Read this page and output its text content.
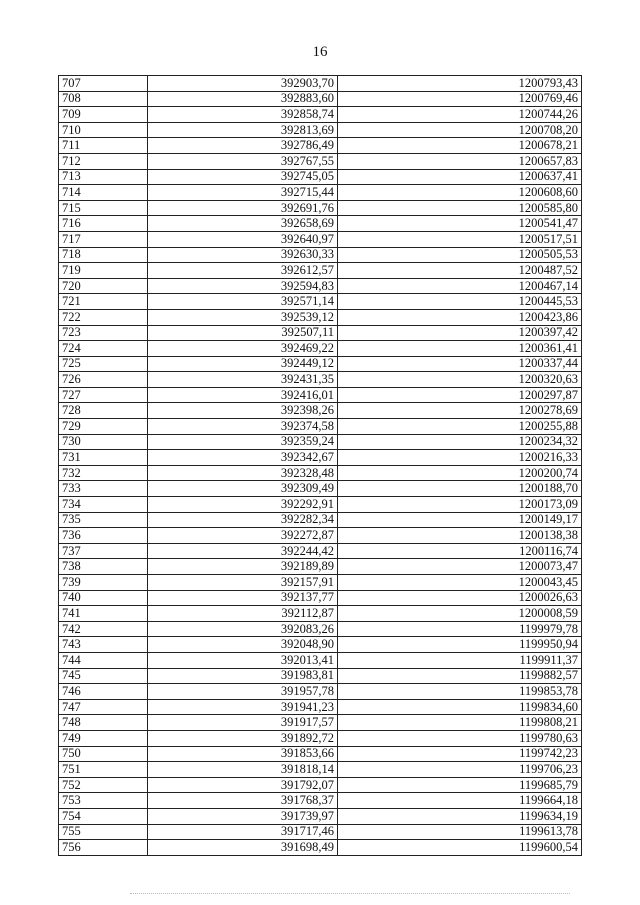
16
707	392903,70	1200793,43
708	392883,60	1200769,46
709	392858,74	1200744,26
710	392813,69	1200708,20
711	392786,49	1200678,21
712	392767,55	1200657,83
713	392745,05	1200637,41
714	392715,44	1200608,60
715	392691,76	1200585,80
716	392658,69	1200541,47
717	392640,97	1200517,51
718	392630,33	1200505,53
719	392612,57	1200487,52
720	392594,83	1200467,14
721	392571,14	1200445,53
722	392539,12	1200423,86
723	392507,11	1200397,42
724	392469,22	1200361,41
725	392449,12	1200337,44
726	392431,35	1200320,63
727	392416,01	1200297,87
728	392398,26	1200278,69
729	392374,58	1200255,88
730	392359,24	1200234,32
731	392342,67	1200216,33
732	392328,48	1200200,74
733	392309,49	1200188,70
734	392292,91	1200173,09
735	392282,34	1200149,17
736	392272,87	1200138,38
737	392244,42	1200116,74
738	392189,89	1200073,47
739	392157,91	1200043,45
740	392137,77	1200026,63
741	392112,87	1200008,59
742	392083,26	1199979,78
743	392048,90	1199950,94
744	392013,41	1199911,37
745	391983,81	1199882,57
746	391957,78	1199853,78
747	391941,23	1199834,60
748	391917,57	1199808,21
749	391892,72	1199780,63
750	391853,66	1199742,23
751	391818,14	1199706,23
752	391792,07	1199685,79
753	391768,37	1199664,18
754	391739,97	1199634,19
755	391717,46	1199613,78
756	391698,49	1199600,54
